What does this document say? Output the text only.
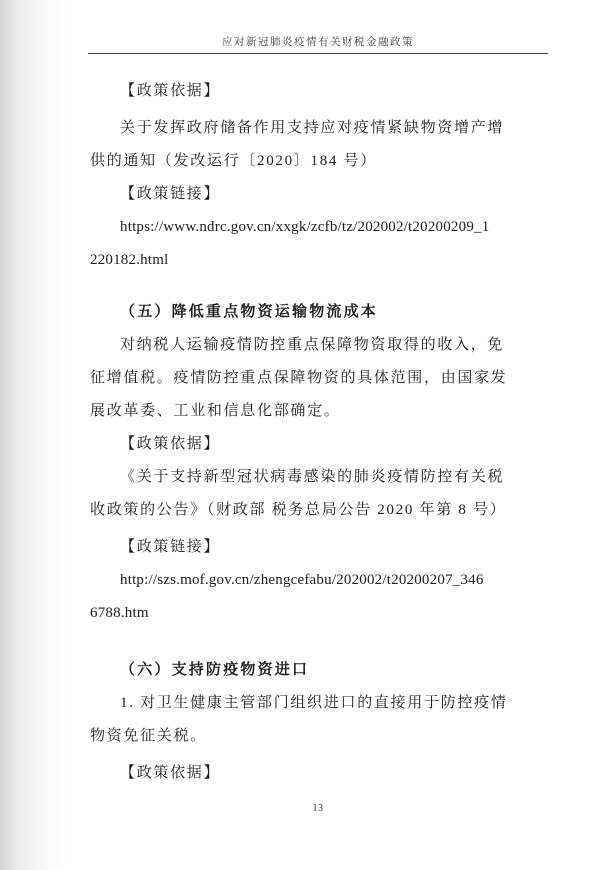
应对新冠肺炎疫情有关财税金融政策

【政策依据】

关于发挥政府储备作用支持应对疫情紧缺物资增产增供的通知（发改运行〔2020〕184 号）

【政策链接】

https://www.ndrc.gov.cn/xxgk/zcfb/tz/202002/t20200209_1
220182.html

（五）降低重点物资运输物流成本

对纳税人运输疫情防控重点保障物资取得的收入，免征增值税。疫情防控重点保障物资的具体范围，由国家发展改革委、工业和信息化部确定。

【政策依据】

《关于支持新型冠状病毒感染的肺炎疫情防控有关税收政策的公告》（财政部 税务总局公告 2020 年第 8 号）

【政策链接】

http://szs.mof.gov.cn/zhengcefabu/202002/t20200207_346
6788.htm

（六）支持防疫物资进口

1. 对卫生健康主管部门组织进口的直接用于防控疫情物资免征关税。

【政策依据】

13
